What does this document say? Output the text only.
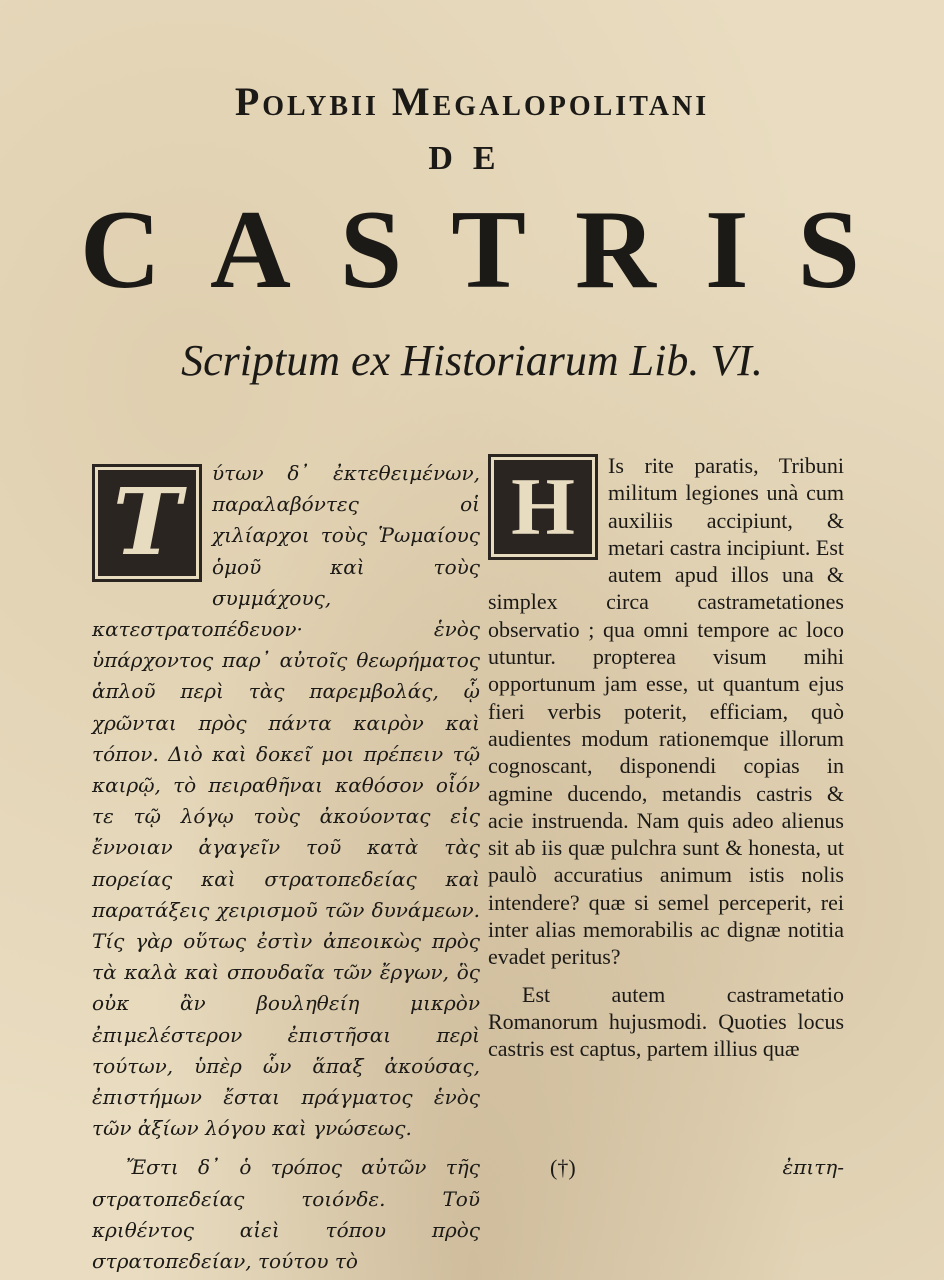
Polybii Megalopolitani
DE
C A S T R I S
Scriptum ex Historiarum Lib. VI.
T	ύτων δ᾽ ἐκτεθειμένων, παραλαβόντες οἱ χιλίαρχοι τοὺς Ῥωμαίους ὁμοῦ καὶ τοὺς συμμάχους, κατεστρατοπέδευον· ἑνὸς ὑπάρχοντος παρ᾽ αὐτοῖς θεωρήματος ἁπλοῦ περὶ τὰς παρεμβολάς, ᾧ χρῶνται πρὸς πάντα καιρὸν καὶ τόπον. Διὸ καὶ δοκεῖ μοι πρέπειν τῷ καιρῷ, τὸ πειραθῆναι καθόσον οἷόν τε τῷ λόγῳ τοὺς ἀκούοντας εἰς ἔννοιαν ἀγαγεῖν τοῦ κατὰ τὰς πορείας καὶ στρατοπεδείας καὶ παρατάξεις χειρισμοῦ τῶν δυνάμεων. Τίς γὰρ οὕτως ἐστὶν ἀπεοικὼς πρὸς τὰ καλὰ καὶ σπουδαῖα τῶν ἔργων, ὃς οὐκ ἂν βουληθείη μικρὸν ἐπιμελέστερον ἐπιστῆσαι περὶ τούτων, ὑπὲρ ὧν ἅπαξ ἀκούσας, ἐπιστήμων ἔσται πράγματος ἑνὸς τῶν ἀξίων λόγου καὶ γνώσεως.

Ἔστι δ᾽ ὁ τρόπος αὐτῶν τῆς στρατοπεδείας τοιόνδε. Τοῦ κριθέντος αἰεὶ τόπου πρὸς στρατοπεδείαν, τούτου τὸ

H	Is rite paratis, Tribuni militum legiones unà cum auxiliis accipiunt, & metari castra incipiunt. Est autem apud illos una & simplex circa castrametationes observatio ; qua omni tempore ac loco utuntur. propterea visum mihi opportunum jam esse, ut quantum ejus fieri verbis poterit, efficiam, quò audientes modum rationemque illorum cognoscant, disponendi copias in agmine ducendo, metandis castris & acie instruenda. Nam quis adeo alienus sit ab iis quæ pulchra sunt & honesta, ut paulò accuratius animum istis nolis intendere? quæ si semel perceperit, rei inter alias memorabilis ac dignæ notitia evadet peritus?

Est autem castrametatio Romanorum hujusmodi. Quoties locus castris est captus, partem illius quæ

(†)	ἐπιτη-
